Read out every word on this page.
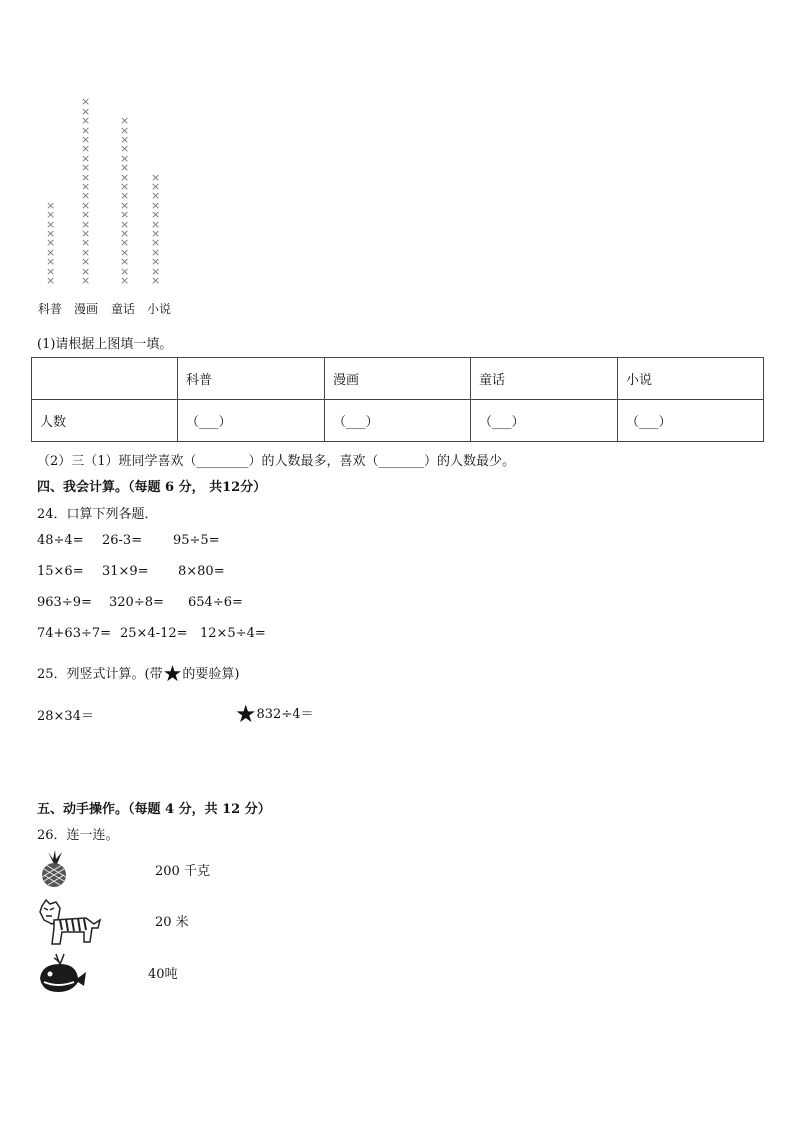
×
×
×
×
×
×
×
×
×
×
×
×
×
×
×
×
×
×
×
×
×
×
×
×
×
×
×
×
×
×
×
×
×
×
×
×
×
×
×
×
×
×
×
×
×
×
×
×
×
×
×
×
×
×
×
×
×
×
×
科普 漫画 童话 小说
(1)请根据上图填一填。
	科普	漫画	童话	小说
人数	（___）	（___）	（___）	（___）
（2）三（1）班同学喜欢（________）的人数最多，喜欢（_______）的人数最少。
四、我会计算。（每题 6 分， 共12分）
24．口算下列各题．
48÷4= 26-3= 95÷5=
15×6= 31×9= 8×80=
963÷9= 320÷8= 654÷6=
74+63÷7= 25×4-12= 12×5÷4=
25．列竖式计算。(带★的要验算)
28×34＝	★832÷4＝
五、动手操作。（每题 4 分，共 12 分）
26．连一连。
200 千克
20 米
40吨
